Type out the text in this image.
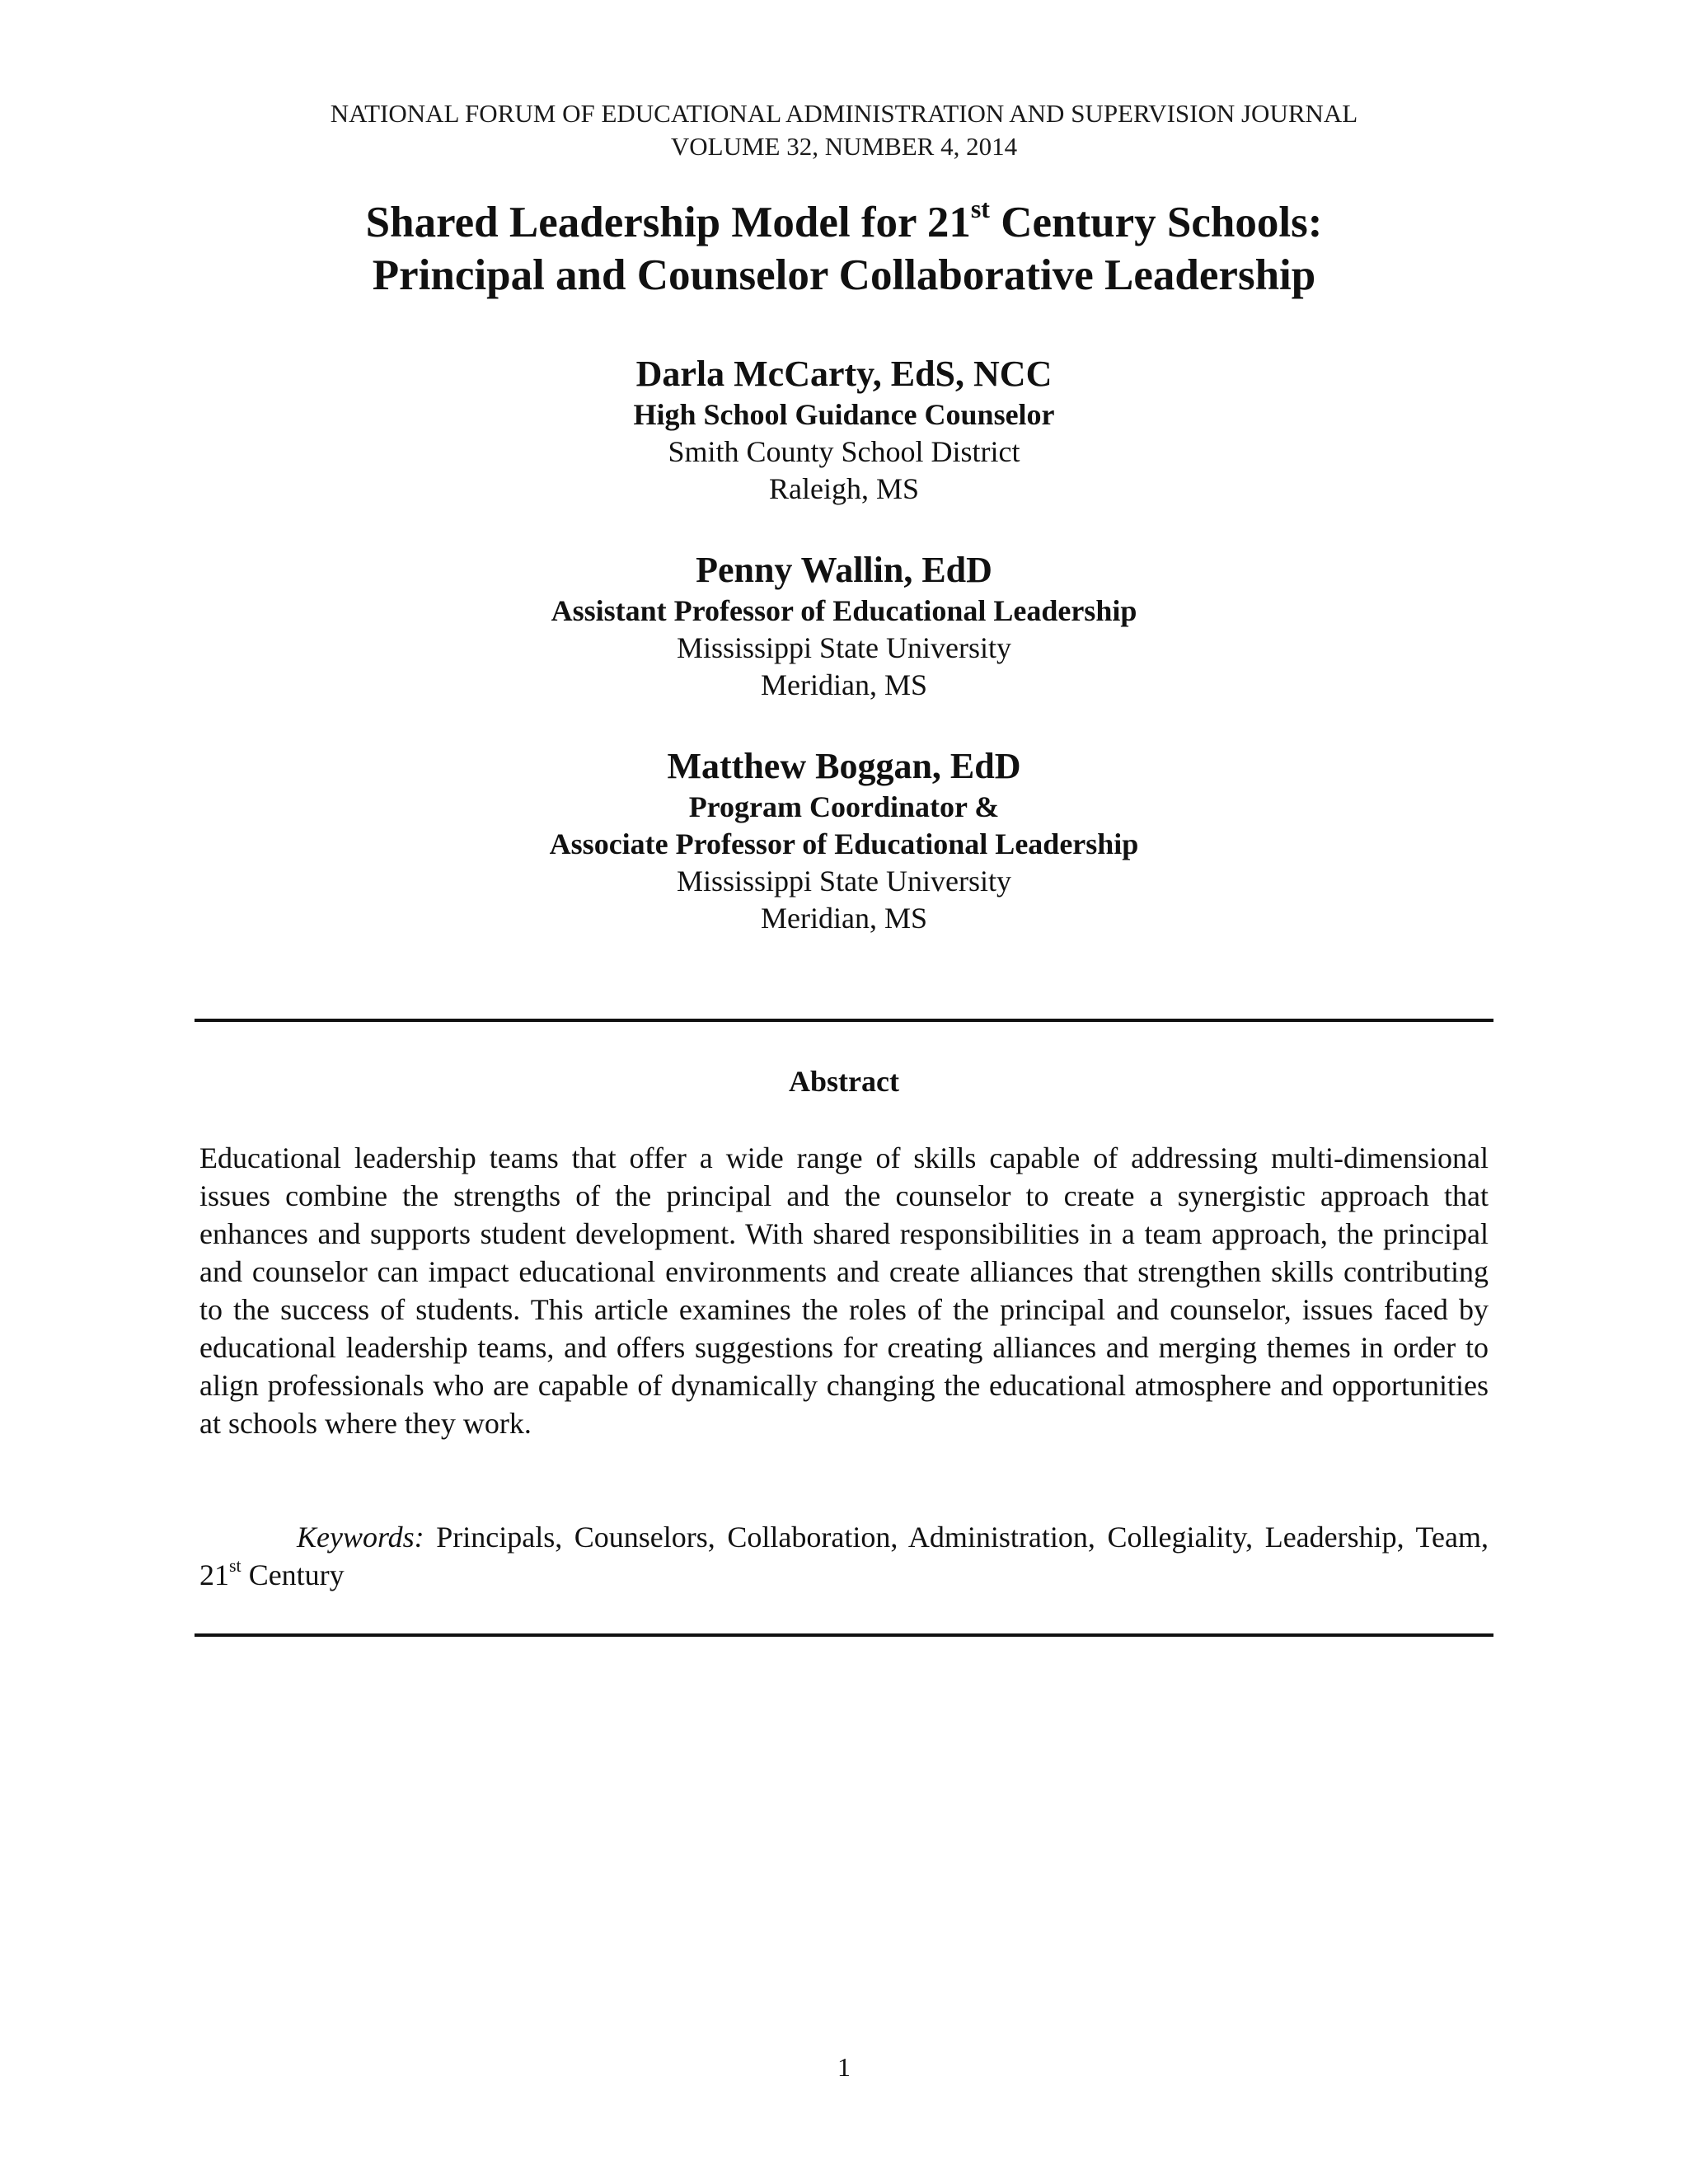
NATIONAL FORUM OF EDUCATIONAL ADMINISTRATION AND SUPERVISION JOURNAL
VOLUME 32, NUMBER 4, 2014
Shared Leadership Model for 21st Century Schools:
Principal and Counselor Collaborative Leadership
Darla McCarty, EdS, NCC
High School Guidance Counselor
Smith County School District
Raleigh, MS
Penny Wallin, EdD
Assistant Professor of Educational Leadership
Mississippi State University
Meridian, MS
Matthew Boggan, EdD
Program Coordinator &
Associate Professor of Educational Leadership
Mississippi State University
Meridian, MS
Abstract
Educational leadership teams that offer a wide range of skills capable of addressing multi-dimensional issues combine the strengths of the principal and the counselor to create a synergistic approach that enhances and supports student development. With shared responsibilities in a team approach, the principal and counselor can impact educational environments and create alliances that strengthen skills contributing to the success of students. This article examines the roles of the principal and counselor, issues faced by educational leadership teams, and offers suggestions for creating alliances and merging themes in order to align professionals who are capable of dynamically changing the educational atmosphere and opportunities at schools where they work.
Keywords: Principals, Counselors, Collaboration, Administration, Collegiality, Leadership, Team, 21st Century
1
